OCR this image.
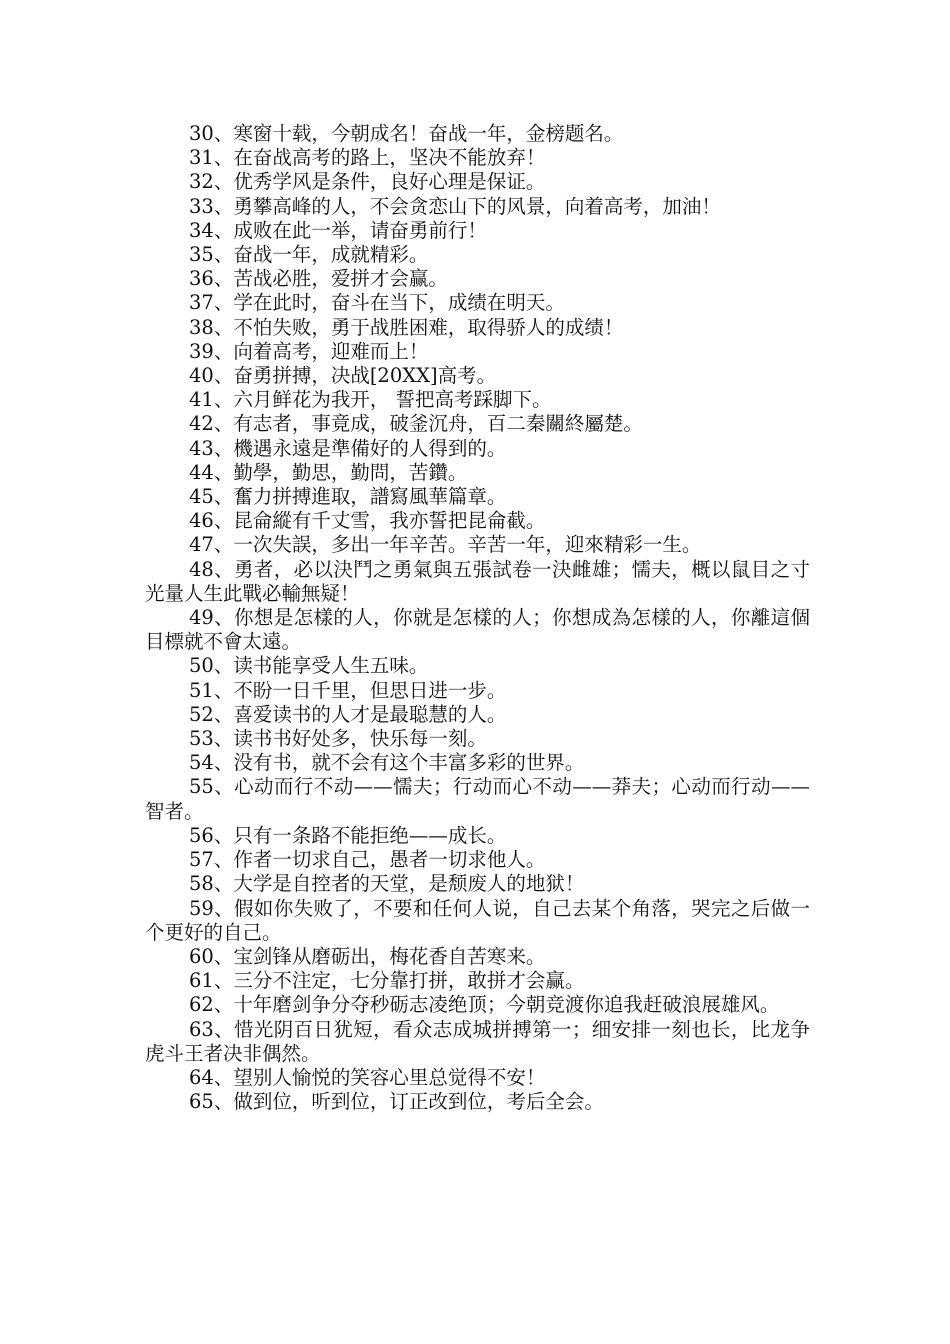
30、寒窗十载，今朝成名！奋战一年，金榜题名。

31、在奋战高考的路上，坚决不能放弃！

32、优秀学风是条件，良好心理是保证。

33、勇攀高峰的人，不会贪恋山下的风景，向着高考，加油！

34、成败在此一举，请奋勇前行！

35、奋战一年，成就精彩。

36、苦战必胜，爱拼才会赢。

37、学在此时，奋斗在当下，成绩在明天。

38、不怕失败，勇于战胜困难，取得骄人的成绩！

39、向着高考，迎难而上！

40、奋勇拼搏，决战[20XX]高考。

41、六月鲜花为我开， 誓把高考踩脚下。

42、有志者，事竟成，破釜沉舟，百二秦關終屬楚。

43、機遇永遠是準備好的人得到的。

44、勤學，勤思，勤問，苦鑽。

45、奮力拼搏進取，譜寫風華篇章。

46、昆侖縱有千丈雪，我亦誓把昆侖截。

47、一次失誤，多出一年辛苦。辛苦一年，迎來精彩一生。

48、勇者，必以決鬥之勇氣與五張試卷一決雌雄；懦夫，概以鼠目之寸光量人生此戰必輸無疑！

49、你想是怎樣的人，你就是怎樣的人；你想成為怎樣的人，你離這個目標就不會太遠。

50、读书能享受人生五味。

51、不盼一日千里，但思日进一步。

52、喜爱读书的人才是最聪慧的人。

53、读书书好处多，快乐每一刻。

54、没有书，就不会有这个丰富多彩的世界。

55、心动而行不动——懦夫；行动而心不动——莽夫；心动而行动——智者。

56、只有一条路不能拒绝——成长。

57、作者一切求自己，愚者一切求他人。

58、大学是自控者的天堂，是颓废人的地狱！

59、假如你失败了，不要和任何人说，自己去某个角落，哭完之后做一个更好的自己。

60、宝剑锋从磨砺出，梅花香自苦寒来。

61、三分不注定，七分靠打拼，敢拼才会赢。

62、十年磨剑争分夺秒砺志凌绝顶；今朝竞渡你追我赶破浪展雄风。

63、惜光阴百日犹短，看众志成城拼搏第一；细安排一刻也长，比龙争虎斗王者决非偶然。

64、望别人愉悦的笑容心里总觉得不安！

65、做到位，听到位，订正改到位，考后全会。
